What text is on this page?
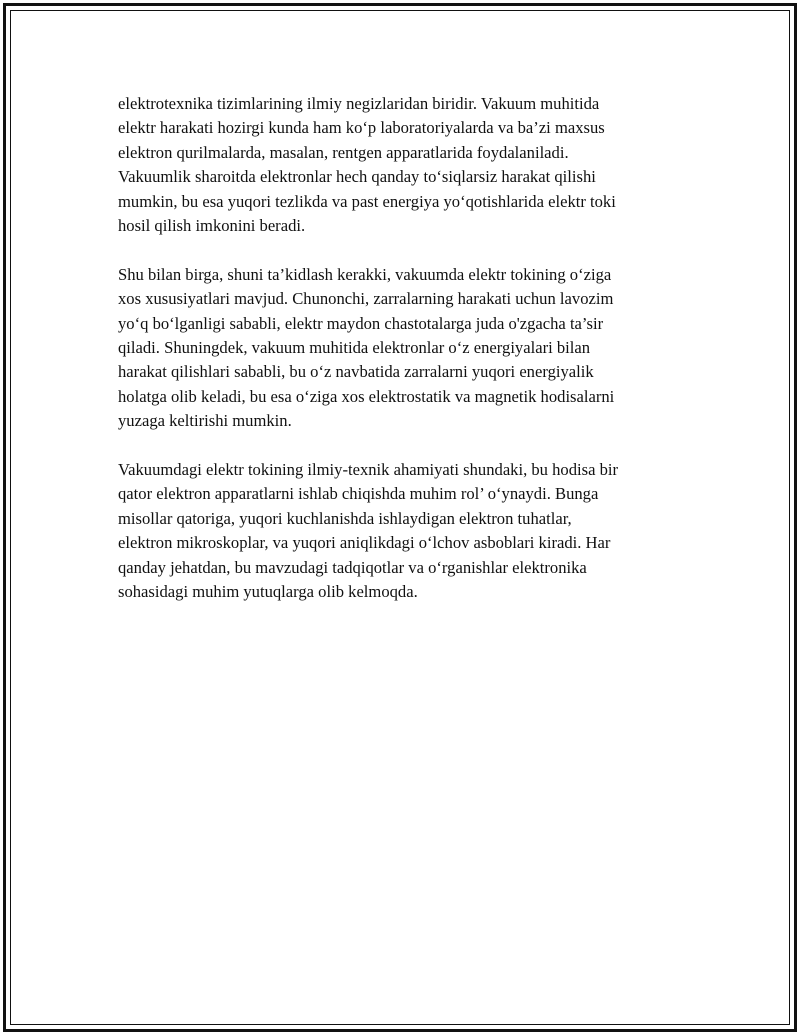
elektrotexnika tizimlarining ilmiy negizlaridan biridir. Vakuum muhitida
elektr harakati hozirgi kunda ham ko‘p laboratoriyalarda va ba’zi maxsus
elektron qurilmalarda, masalan, rentgen apparatlarida foydalaniladi.
Vakuumlik sharoitda elektronlar hech qanday to‘siqlarsiz harakat qilishi
mumkin, bu esa yuqori tezlikda va past energiya yo‘qotishlarida elektr toki
hosil qilish imkonini beradi.

Shu bilan birga, shuni ta’kidlash kerakki, vakuumda elektr tokining o‘ziga
xos xususiyatlari mavjud. Chunonchi, zarralarning harakati uchun lavozim
yo‘q bo‘lganligi sababli, elektr maydon chastotalarga juda o'zgacha ta’sir
qiladi. Shuningdek, vakuum muhitida elektronlar o‘z energiyalari bilan
harakat qilishlari sababli, bu o‘z navbatida zarralarni yuqori energiyalik
holatga olib keladi, bu esa o‘ziga xos elektrostatik va magnetik hodisalarni
yuzaga keltirishi mumkin.

Vakuumdagi elektr tokining ilmiy-texnik ahamiyati shundaki, bu hodisa bir
qator elektron apparatlarni ishlab chiqishda muhim rol’ o‘ynaydi. Bunga
misollar qatoriga, yuqori kuchlanishda ishlaydigan elektron tuhatlar,
elektron mikroskoplar, va yuqori aniqlikdagi o‘lchov asboblari kiradi. Har
qanday jehatdan, bu mavzudagi tadqiqotlar va o‘rganishlar elektronika
sohasidagi muhim yutuqlarga olib kelmoqda.
